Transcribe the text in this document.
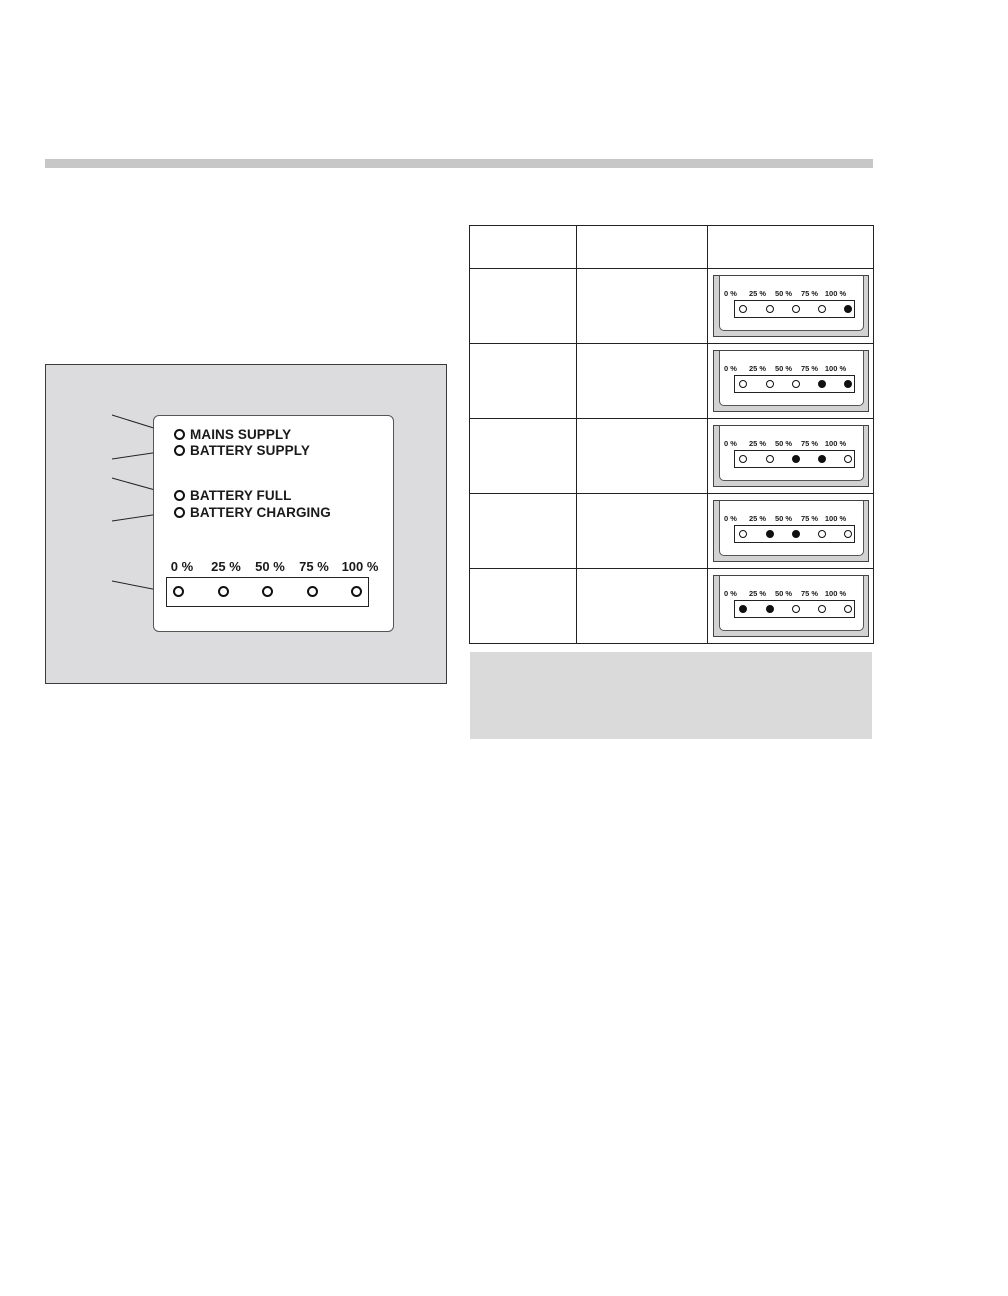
MAINS SUPPLY
BATTERY SUPPLY
BATTERY FULL
BATTERY CHARGING
0 % 25 % 50 % 75 % 100 %

		0 % 25 % 50 % 75 % 100 %

		0 % 25 % 50 % 75 % 100 %

		0 % 25 % 50 % 75 % 100 %

		0 % 25 % 50 % 75 % 100 %

		0 % 25 % 50 % 75 % 100 %
